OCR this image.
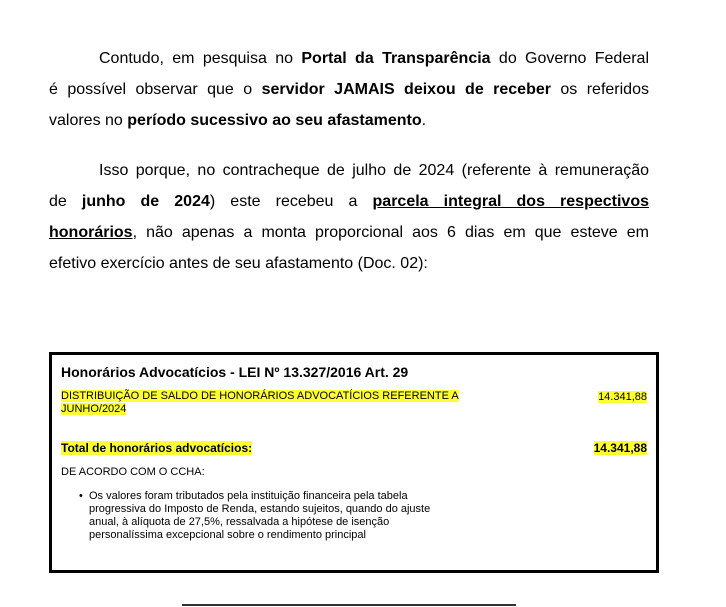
Contudo, em pesquisa no Portal da Transparência do Governo Federal
é possível observar que o servidor JAMAIS deixou de receber os referidos
valores no período sucessivo ao seu afastamento.
Isso porque, no contracheque de julho de 2024 (referente à remuneração
de junho de 2024) este recebeu a parcela integral dos respectivos
honorários, não apenas a monta proporcional aos 6 dias em que esteve em
efetivo exercício antes de seu afastamento (Doc. 02):
Honorários Advocatícios - LEI Nº 13.327/2016 Art. 29
DISTRIBUIÇÃO DE SALDO DE HONORÁRIOS ADVOCATÍCIOS REFERENTE A
JUNHO/2024
14.341,88
Total de honorários advocatícios:	14.341,88
DE ACORDO COM O CCHA:
• Os valores foram tributados pela instituição financeira pela tabela
progressiva do Imposto de Renda, estando sujeitos, quando do ajuste
anual, à alíquota de 27,5%, ressalvada a hipótese de isenção
personalíssima excepcional sobre o rendimento principal
